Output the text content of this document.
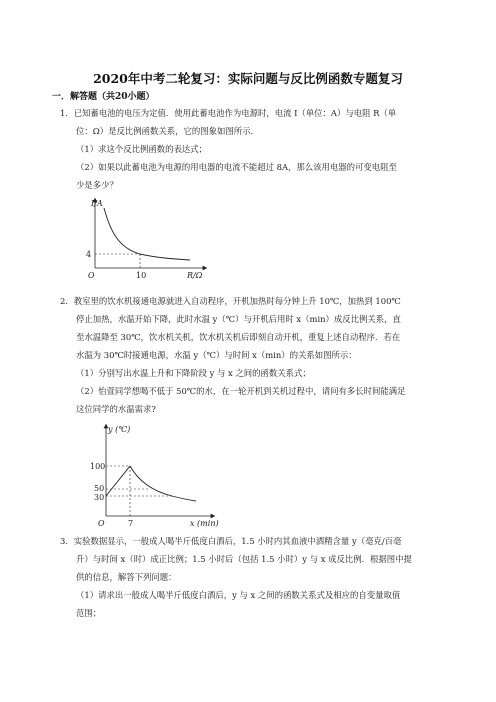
2020年中考二轮复习：实际问题与反比例函数专题复习
一．解答题（共20小题）
1．已知蓄电池的电压为定值．使用此蓄电池作为电源时，电流 I（单位：A）与电阻 R（单
位：Ω）是反比例函数关系，它的图象如图所示．
（1）求这个反比例函数的表达式；
（2）如果以此蓄电池为电源的用电器的电流不能超过 8A，那么该用电器的可变电阻至
少是多少？
I/A
4
O	10	R/Ω
2．教室里的饮水机接通电源就进入自动程序，开机加热时每分钟上升 10℃，加热到 100℃
停止加热，水温开始下降，此时水温 y（℃）与开机后用时 x（min）成反比例关系，直
至水温降至 30℃，饮水机关机，饮水机关机后即刻自动开机，重复上述自动程序．若在
水温为 30℃时接通电源，水温 y（℃）与时间 x（min）的关系如图所示：
（1）分别写出水温上升和下降阶段 y 与 x 之间的函数关系式；
（2）怡萱同学想喝不低于 50℃的水，在一轮开机到关机过程中，请问有多长时间能满足
这位同学的水温需求?
y (℃)
100
50
30
O	7	x (min)
3．实验数据显示，一般成人喝半斤低度白酒后，1.5 小时内其血液中酒精含量 y（毫克/百毫
升）与时间 x（时）成正比例；1.5 小时后（包括 1.5 小时）y 与 x 成反比例．根据图中提
供的信息，解答下列问题：
（1）请求出一般成人喝半斤低度白酒后，y 与 x 之间的函数关系式及相应的自变量取值
范围；
